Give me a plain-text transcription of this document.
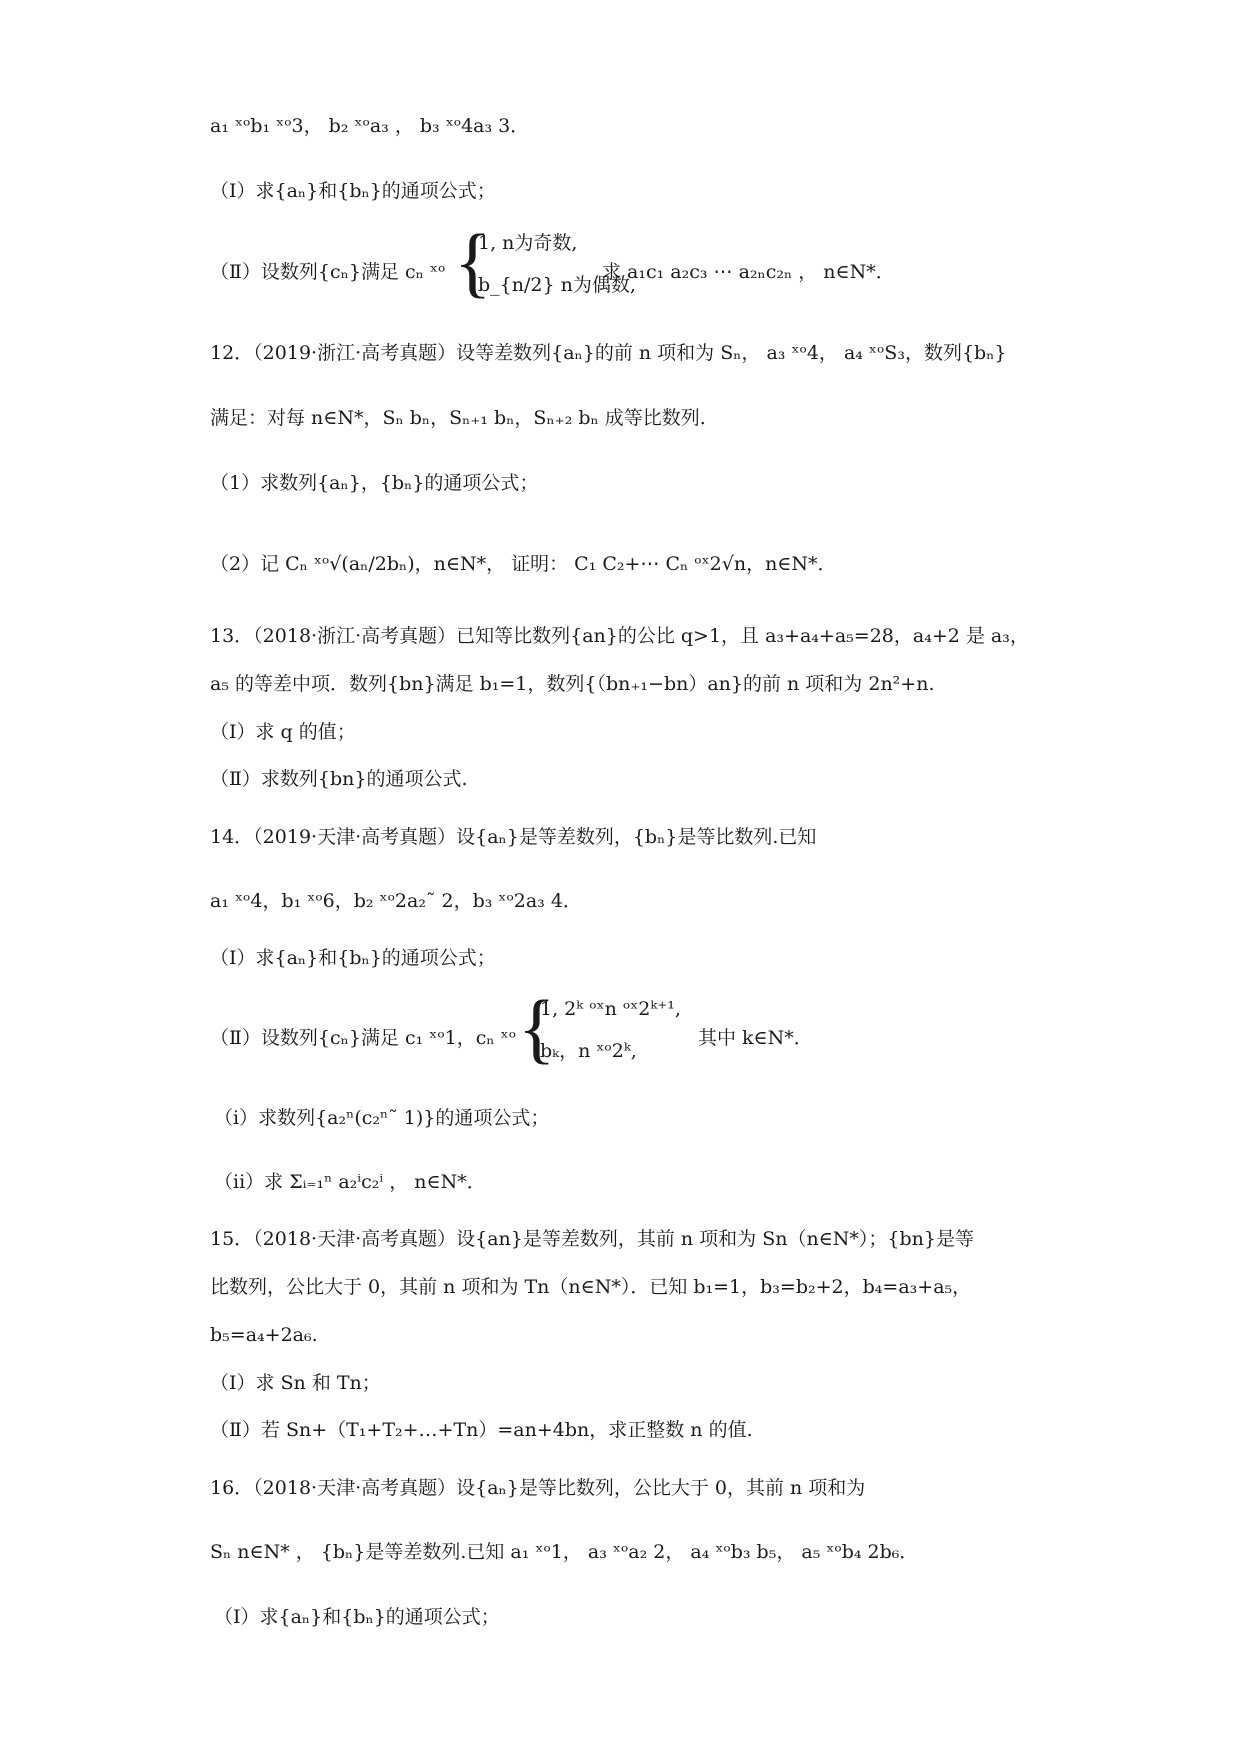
a₁ ˣᵒb₁ ˣᵒ3， b₂ ˣᵒa₃ ， b₃ ˣᵒ4a₃ 3．
（Ⅰ）求{aₙ}和{bₙ}的通项公式；
（Ⅱ）设数列{cₙ}满足 cₙ ˣᵒ {
1, n为奇数,
b_{n/2} n为偶数,
求 a₁c₁ a₂c₃ ⋯ a₂ₙc₂ₙ ， n∈N*．
12．（2019·浙江·高考真题）设等差数列{aₙ}的前 n 项和为 Sₙ， a₃ ˣᵒ4， a₄ ˣᵒS₃，数列{bₙ}
满足：对每 n∈N*，Sₙ bₙ，Sₙ₊₁ bₙ，Sₙ₊₂ bₙ 成等比数列.
（1）求数列{aₙ}，{bₙ}的通项公式；
（2）记 Cₙ ˣᵒ√(aₙ/2bₙ)，n∈N*， 证明： C₁ C₂+⋯ Cₙ ᵒˣ2√n，n∈N*．
13．（2018·浙江·高考真题）已知等比数列{an}的公比 q>1，且 a₃+a₄+a₅=28，a₄+2 是 a₃，
a₅ 的等差中项．数列{bn}满足 b₁=1，数列{（bn₊₁−bn）an}的前 n 项和为 2n²+n.
（Ⅰ）求 q 的值；
（Ⅱ）求数列{bn}的通项公式.
14．（2019·天津·高考真题）设{aₙ}是等差数列，{bₙ}是等比数列.已知
a₁ ˣᵒ4，b₁ ˣᵒ6，b₂ ˣᵒ2a₂˜ 2，b₃ ˣᵒ2a₃ 4．
（Ⅰ）求{aₙ}和{bₙ}的通项公式；
（Ⅱ）设数列{cₙ}满足 c₁ ˣᵒ1，cₙ ˣᵒ {
1, 2ᵏ ᵒˣn ᵒˣ2ᵏ⁺¹,
bₖ，n ˣᵒ2ᵏ,
其中 k∈N*．
（i）求数列{a₂ⁿ(c₂ⁿ˜ 1)}的通项公式；
（ii）求 Σᵢ₌₁ⁿ a₂ⁱc₂ⁱ ， n∈N*．
15．（2018·天津·高考真题）设{an}是等差数列，其前 n 项和为 Sn（n∈N*）；{bn}是等
比数列，公比大于 0，其前 n 项和为 Tn（n∈N*）．已知 b₁=1，b₃=b₂+2，b₄=a₃+a₅，
b₅=a₄+2a₆.
（Ⅰ）求 Sn 和 Tn；
（Ⅱ）若 Sn+（T₁+T₂+…+Tn）=an+4bn，求正整数 n 的值.
16．（2018·天津·高考真题）设{aₙ}是等比数列，公比大于 0，其前 n 项和为
Sₙ n∈N* ， {bₙ}是等差数列.已知 a₁ ˣᵒ1， a₃ ˣᵒa₂ 2， a₄ ˣᵒb₃ b₅， a₅ ˣᵒb₄ 2b₆．
（Ⅰ）求{aₙ}和{bₙ}的通项公式；
